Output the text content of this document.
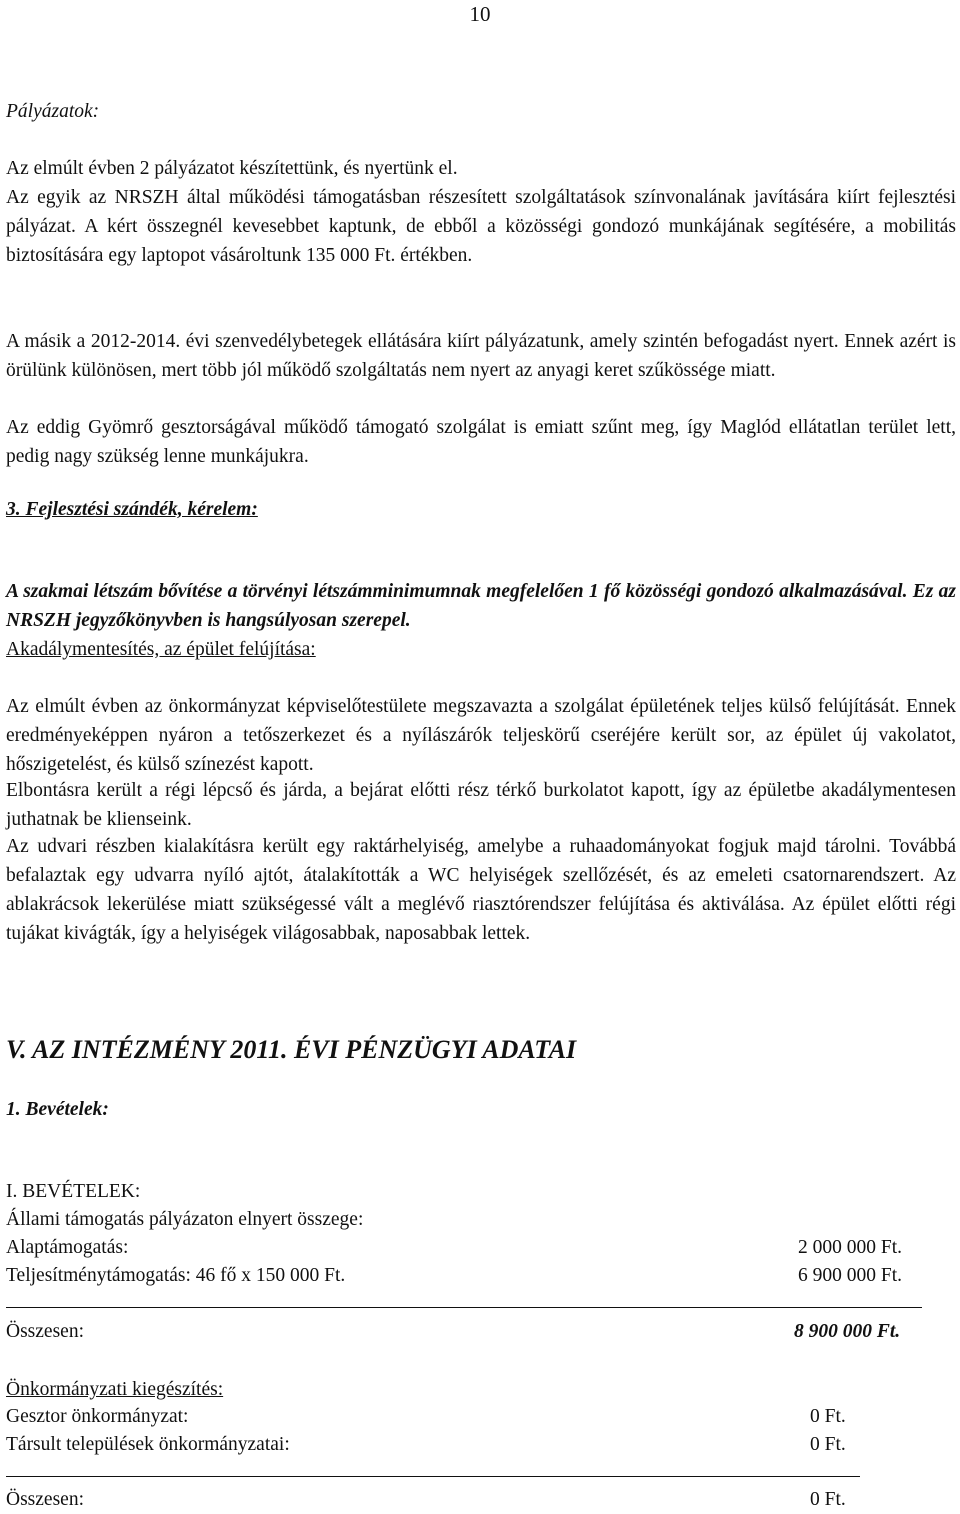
10

Pályázatok:

Az elmúlt évben 2 pályázatot készítettünk, és nyertünk el.

Az egyik az NRSZH által működési támogatásban részesített szolgáltatások színvonalának javítására kiírt fejlesztési pályázat. A kért összegnél kevesebbet kaptunk, de ebből a közösségi gondozó munkájának segítésére, a mobilitás biztosítására egy laptopot vásároltunk 135 000 Ft. értékben.

A másik a 2012-2014. évi szenvedélybetegek ellátására kiírt pályázatunk, amely szintén befogadást nyert. Ennek azért is örülünk különösen, mert több jól működő szolgáltatás nem nyert az anyagi keret szűkössége miatt.

Az eddig Gyömrő gesztorságával működő támogató szolgálat is emiatt szűnt meg, így Maglód ellátatlan terület lett, pedig nagy szükség lenne munkájukra.

3. Fejlesztési szándék, kérelem:

A szakmai létszám bővítése a törvényi létszámminimumnak megfelelően 1 fő közösségi gondozó alkalmazásával. Ez az NRSZH jegyzőkönyvben is hangsúlyosan szerepel.

Akadálymentesítés, az épület felújítása:

Az elmúlt évben az önkormányzat képviselőtestülete megszavazta a szolgálat épületének teljes külső felújítását. Ennek eredményeképpen nyáron a tetőszerkezet és a nyílászárók teljeskörű cseréjére került sor, az épület új vakolatot, hőszigetelést, és külső színezést kapott.

Elbontásra került a régi lépcső és járda, a bejárat előtti rész térkő burkolatot kapott, így az épületbe akadálymentesen juthatnak be klienseink.

Az udvari részben kialakításra került egy raktárhelyiség, amelybe a ruhaadományokat fogjuk majd tárolni. Továbbá befalaztak egy udvarra nyíló ajtót, átalakították a WC helyiségek szellőzését, és az emeleti csatornarendszert. Az ablakrácsok lekerülése miatt szükségessé vált a meglévő riasztórendszer felújítása és aktiválása. Az épület előtti régi tujákat kivágták, így a helyiségek világosabbak, naposabbak lettek.

V. AZ INTÉZMÉNY 2011. ÉVI PÉNZÜGYI ADATAI

1. Bevételek:

I. BEVÉTELEK:

Állami támogatás pályázaton elnyert összege:

Alaptámogatás:	2 000 000 Ft.
Teljesítménytámogatás: 46 fő x 150 000 Ft.	6 900 000 Ft.
Összesen:	8 900 000 Ft.

Önkormányzati kiegészítés:

Gesztor önkormányzat:	0 Ft.
Társult települések önkormányzatai:	0 Ft.
Összesen:	0 Ft.
